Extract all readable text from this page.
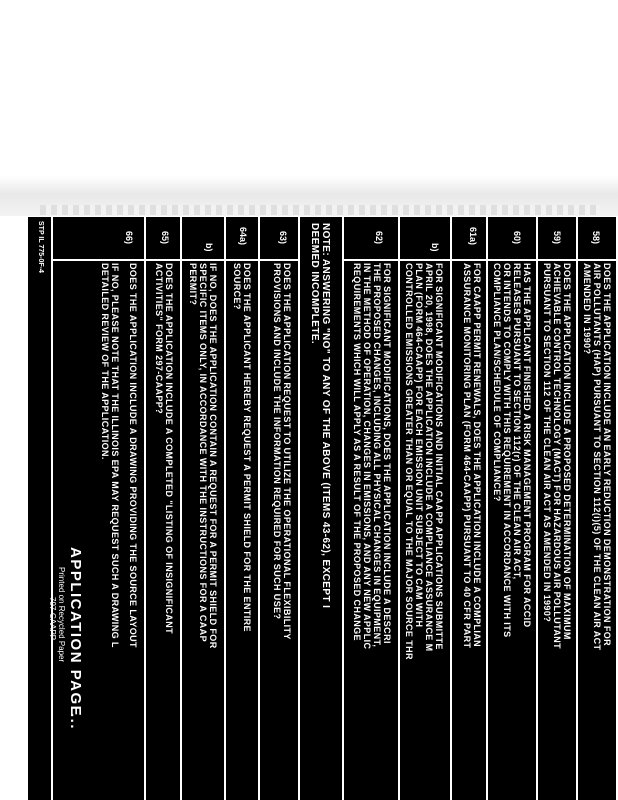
58)
DOES THE APPLICATION INCLUDE AN EARLY REDUCTION DEMONSTRATION FOR
AIR POLLUTANTS (HAP) PURSUANT TO SECTION 112(i)(5) OF THE CLEAN AIR ACT
AMENDED IN 1990?
59)
DOES THE APPLICATION INCLUDE A PROPOSED DETERMINATION OF MAXIMUM
ACHIEVABLE CONTROL TECHNOLOGY (MACT) FOR HAZARDOUS AIR POLLUTANT
PURSUANT TO SECTION 112 OF THE CLEAN AIR ACT AS AMENDED IN 1990?
60)
HAS THE APPLICANT FINISHED A RISK MANAGEMENT PROGRAM FOR ACCID
RELEASES PURSUANT TO SECTION 112(r) OF THE CLEAN AIR ACT,
OR INTENDS TO COMPLY WITH THIS REQUIREMENT IN ACCORDANCE WITH ITS
COMPLIANCE PLAN/SCHEDULE OF COMPLIANCE?
61a)
FOR CAAPP PERMIT RENEWALS, DOES THE APPLICATION INCLUDE A COMPLIAN
ASSURANCE MONITORING PLAN (FORM 464-CAAPP) PURSUANT TO 40 CFR PART
b)
FOR SIGNIFICANT MODIFICATIONS AND INITIAL CAAPP APPLICATIONS SUBMITTE
APRIL 20, 1998, DOES THE APPLICATION INCLUDE A COMPLIANCE ASSURANCE M
PLAN (FORM 464-CAAPP) FOR EACH EMISSION UNIT SUBJECT TO CAM WITH
CONTROLLED EMISSIONS GREATER THAN OR EQUAL TO THE MAJOR SOURCE THR
62)
FOR SIGNIFICANT MODIFICATIONS, DOES THE APPLICATION INCLUDE A DESCRI
THE PROPOSED CHANGES, INCLUDING ALL PHYSICAL CHANGES IN EQUIPMENT,
IN THE METHOD OF OPERATION, CHANGES IN EMISSIONS, AND ANY NEW APPLIC
REQUIREMENTS WHICH WILL APPLY AS A RESULT OF THE PROPOSED CHANGE
NOTE: ANSWERING "NO" TO ANY OF THE ABOVE (ITEMS 43-62), EXCEPT I
DEEMED INCOMPLETE.
63)
DOES THE APPLICATION REQUEST TO UTILIZE THE OPERATIONAL FLEXIBILITY
PROVISIONS AND INCLUDE THE INFORMATION REQUIRED FOR SUCH USE?
64a)
DOES THE APPLICANT HEREBY REQUEST A PERMIT SHIELD FOR THE ENTIRE
SOURCE?
b)
IF NO, DOES THE APPLICATION CONTAIN A REQUEST FOR A PERMIT SHIELD FOR
SPECIFIC ITEMS ONLY, IN ACCORDANCE WITH THE INSTRUCTIONS FOR A CAAP
PERMIT?
65)
DOES THE APPLICATION INCLUDE A COMPLETED "LISTING OF INSIGNIFICANT
ACTIVITIES" FORM 297-CAAPP?
66)
DOES THE APPLICATION INCLUDE A DRAWING PROVIDING THE SOURCE LAYOUT
IF NO, PLEASE NOTE THAT THE ILLINOIS EPA MAY REQUEST SUCH A DRAWING L
DETAILED REVIEW OF THE APPLICATION.
STP IL 775-0F-4
APPLICATION PAGE
...
Printed on Recycled Paper
797-CAAPP
